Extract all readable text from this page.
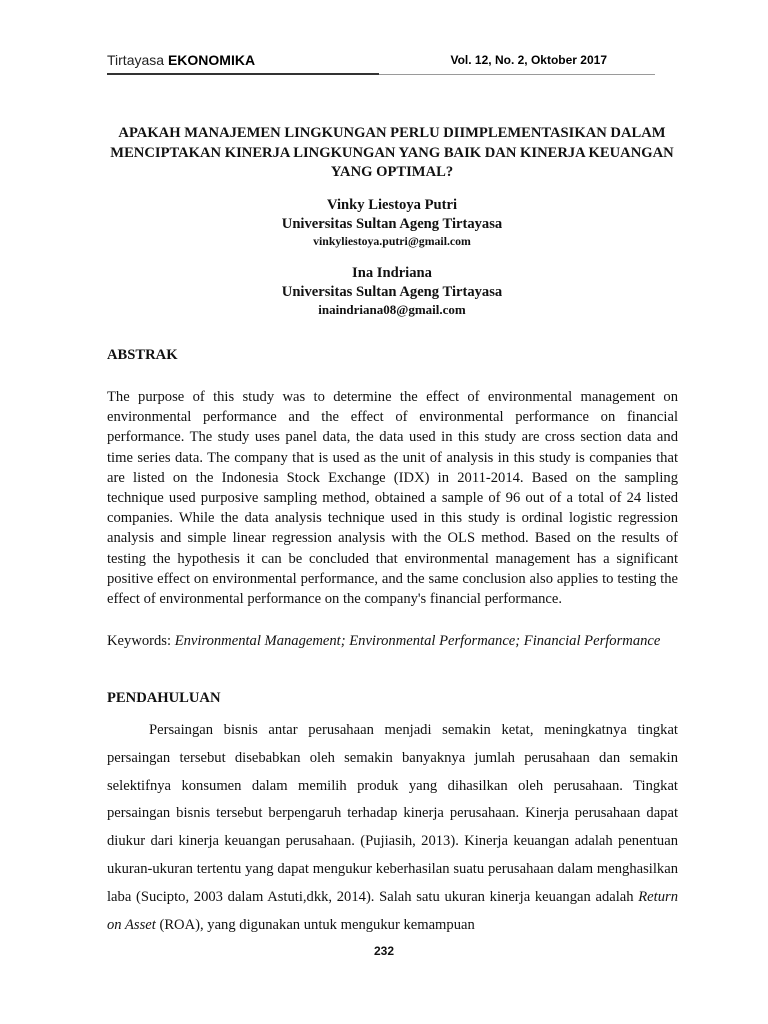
Tirtayasa EKONOMIKA	Vol. 12, No. 2, Oktober 2017
APAKAH MANAJEMEN LINGKUNGAN PERLU DIIMPLEMENTASIKAN DALAM MENCIPTAKAN KINERJA LINGKUNGAN YANG BAIK DAN KINERJA KEUANGAN YANG OPTIMAL?
Vinky Liestoya Putri
Universitas Sultan Ageng Tirtayasa
vinkyliestoya.putri@gmail.com
Ina Indriana
Universitas Sultan Ageng Tirtayasa
inaindriana08@gmail.com
ABSTRAK
The purpose of this study was to determine the effect of environmental management on environmental performance and the effect of environmental performance on financial performance. The study uses panel data, the data used in this study are cross section data and time series data. The company that is used as the unit of analysis in this study is companies that are listed on the Indonesia Stock Exchange (IDX) in 2011-2014. Based on the sampling technique used purposive sampling method, obtained a sample of 96 out of a total of 24 listed companies. While the data analysis technique used in this study is ordinal logistic regression analysis and simple linear regression analysis with the OLS method. Based on the results of testing the hypothesis it can be concluded that environmental management has a significant positive effect on environmental performance, and the same conclusion also applies to testing the effect of environmental performance on the company's financial performance.
Keywords: Environmental Management; Environmental Performance; Financial Performance
PENDAHULUAN
Persaingan bisnis antar perusahaan menjadi semakin ketat, meningkatnya tingkat persaingan tersebut disebabkan oleh semakin banyaknya jumlah perusahaan dan semakin selektifnya konsumen dalam memilih produk yang dihasilkan oleh perusahaan. Tingkat persaingan bisnis tersebut berpengaruh terhadap kinerja perusahaan. Kinerja perusahaan dapat diukur dari kinerja keuangan perusahaan. (Pujiasih, 2013). Kinerja keuangan adalah penentuan ukuran-ukuran tertentu yang dapat mengukur keberhasilan suatu perusahaan dalam menghasilkan laba (Sucipto, 2003 dalam Astuti,dkk, 2014). Salah satu ukuran kinerja keuangan adalah Return on Asset (ROA), yang digunakan untuk mengukur kemampuan
232
